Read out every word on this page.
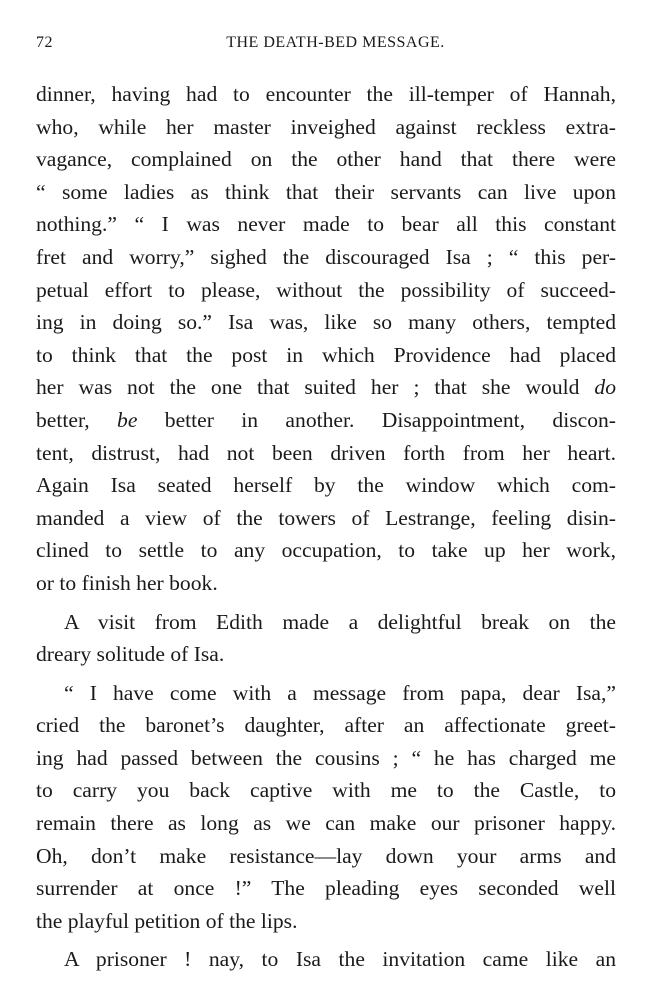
72	THE DEATH-BED MESSAGE.
dinner, having had to encounter the ill-temper of Hannah,
who, while her master inveighed against reckless extra-
vagance, complained on the other hand that there were
“ some ladies as think that their servants can live upon
nothing.” “ I was never made to bear all this constant
fret and worry,” sighed the discouraged Isa ; “ this per-
petual effort to please, without the possibility of succeed-
ing in doing so.” Isa was, like so many others, tempted
to think that the post in which Providence had placed
her was not the one that suited her ; that she would do
better, be better in another. Disappointment, discon-
tent, distrust, had not been driven forth from her heart.
Again Isa seated herself by the window which com-
manded a view of the towers of Lestrange, feeling disin-
clined to settle to any occupation, to take up her work,
or to finish her book.
A visit from Edith made a delightful break on the
dreary solitude of Isa.
“ I have come with a message from papa, dear Isa,”
cried the baronet’s daughter, after an affectionate greet-
ing had passed between the cousins ; “ he has charged me
to carry you back captive with me to the Castle, to
remain there as long as we can make our prisoner happy.
Oh, don’t make resistance—lay down your arms and
surrender at once !” The pleading eyes seconded well
the playful petition of the lips.
A prisoner ! nay, to Isa the invitation came like an
